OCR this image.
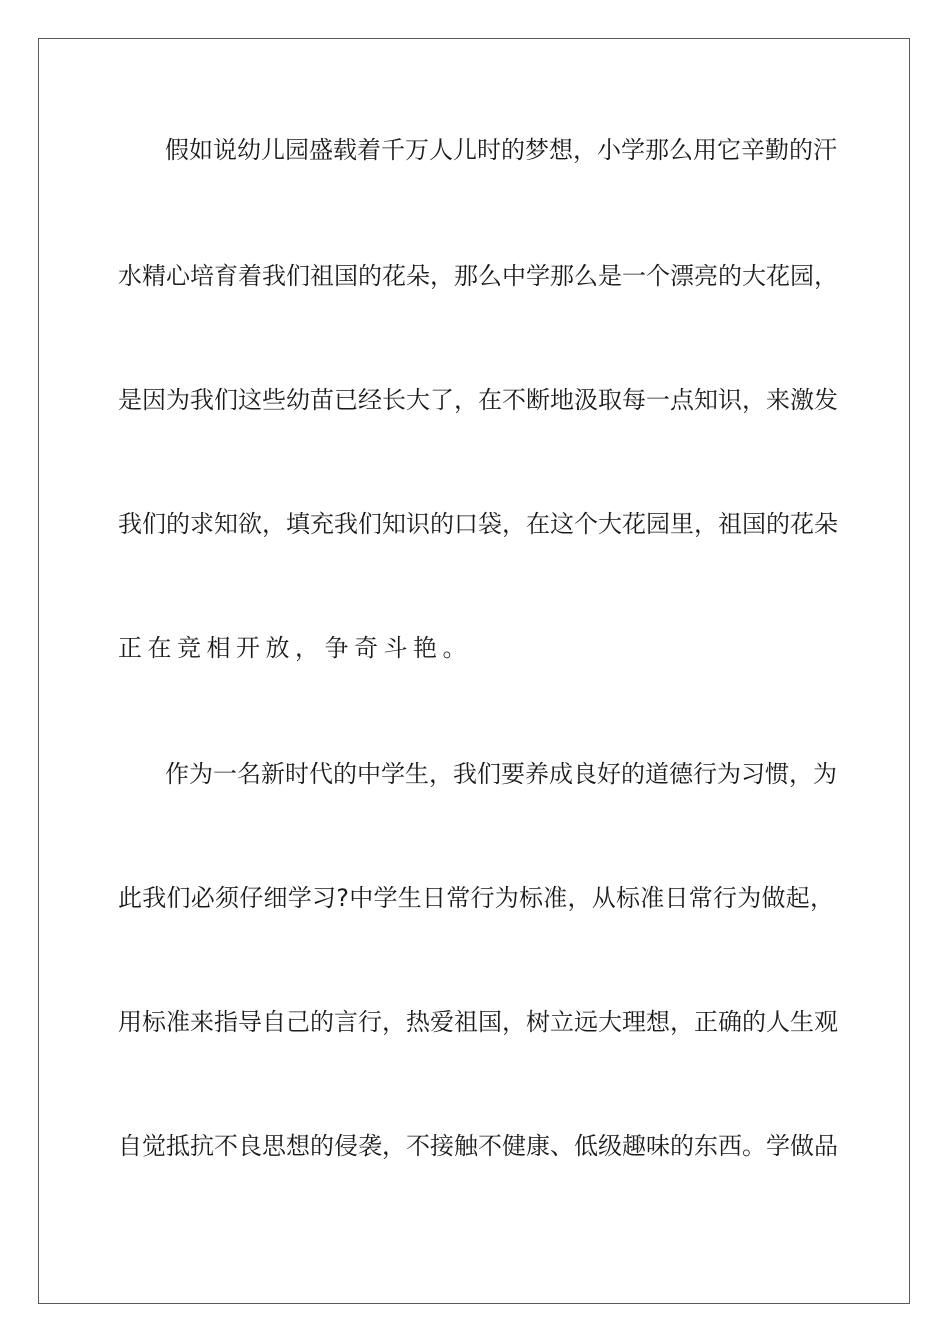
假如说幼儿园盛载着千万人儿时的梦想，小学那么用它辛勤的汗
水精心培育着我们祖国的花朵，那么中学那么是一个漂亮的大花园，
是因为我们这些幼苗已经长大了，在不断地汲取每一点知识，来激发
我们的求知欲，填充我们知识的口袋，在这个大花园里，祖国的花朵
正在竞相开放，争奇斗艳。
作为一名新时代的中学生，我们要养成良好的道德行为习惯，为
此我们必须仔细学习?中学生日常行为标准，从标准日常行为做起，
用标准来指导自己的言行，热爱祖国，树立远大理想，正确的人生观
自觉抵抗不良思想的侵袭，不接触不健康、低级趣味的东西。学做品
